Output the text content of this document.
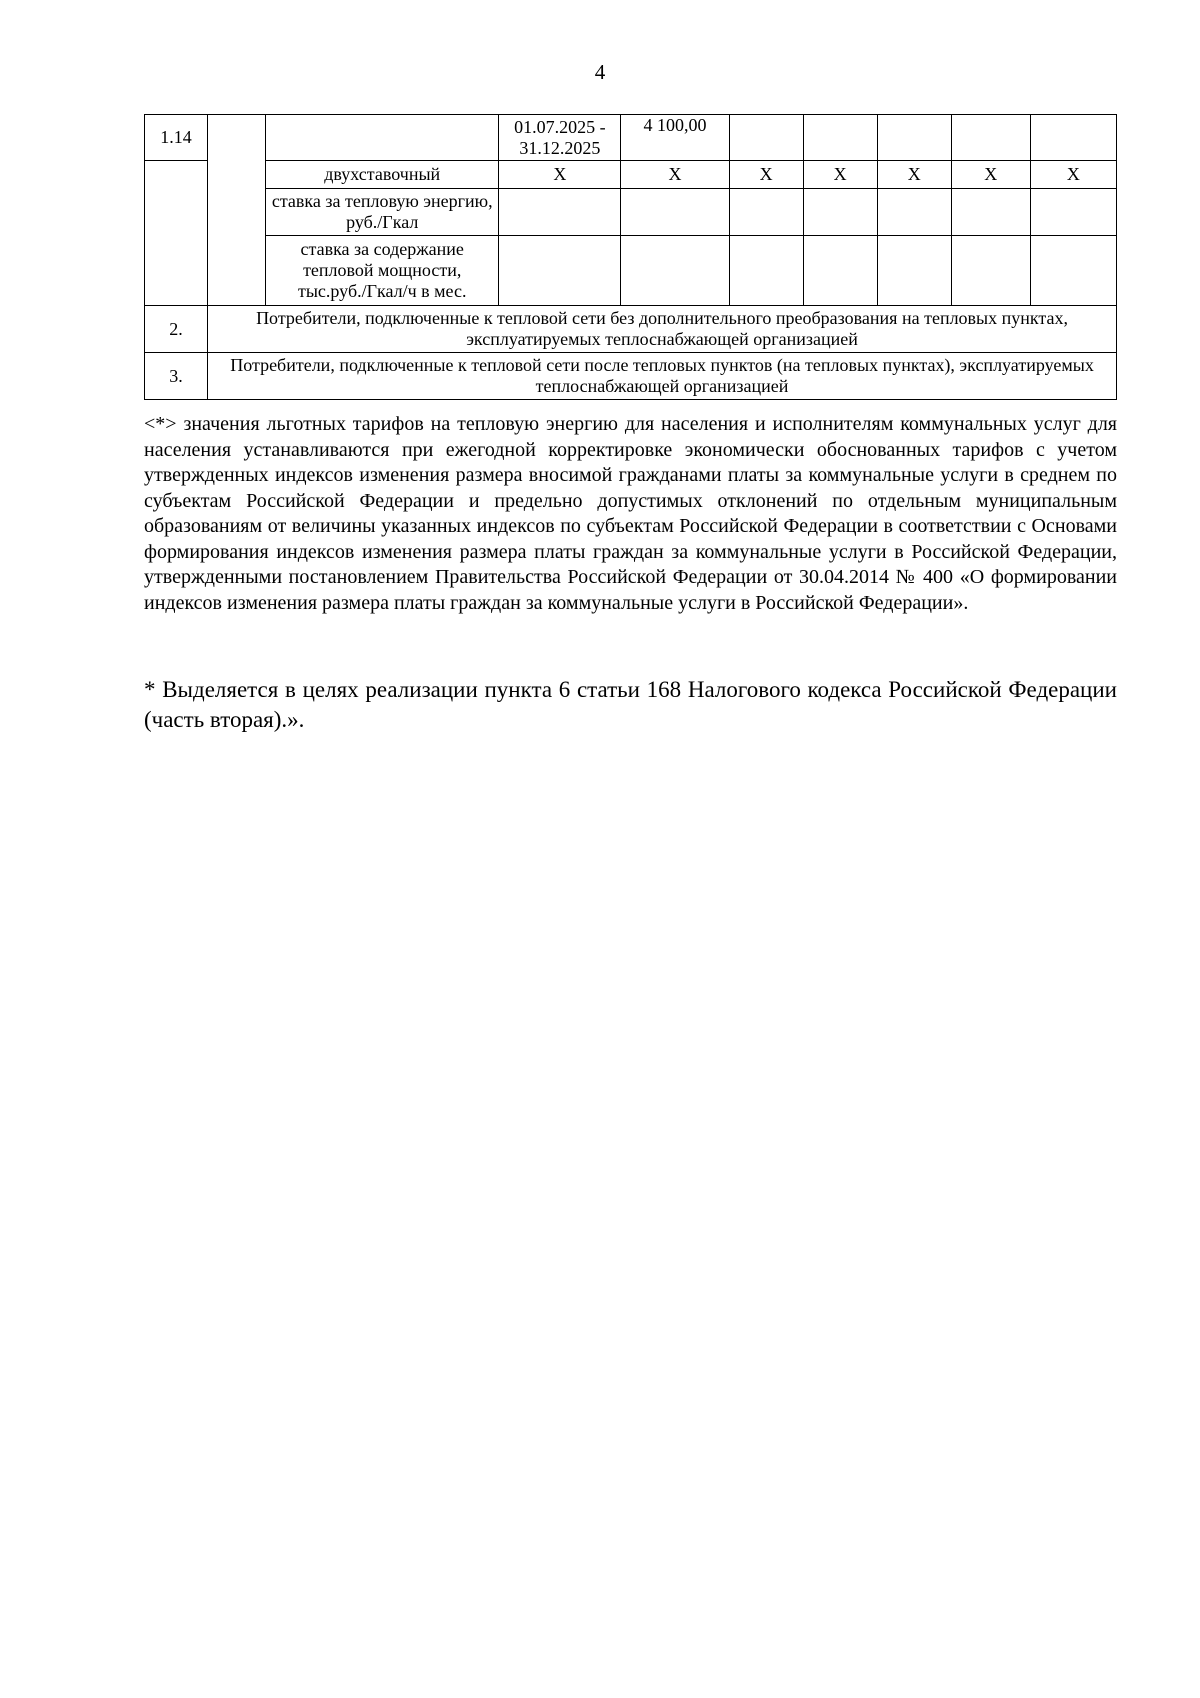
4
1.14			01.07.2025 - 31.12.2025	4 100,00					
		двухставочный	Х	Х	Х	Х	Х	Х	Х
		ставка за тепловую энергию, руб./Гкал							
		ставка за содержание тепловой мощности, тыс.руб./Гкал/ч в мес.							
2.	Потребители, подключенные к тепловой сети без дополнительного преобразования на тепловых пунктах, эксплуатируемых теплоснабжающей организацией								
3.	Потребители, подключенные к тепловой сети после тепловых пунктов (на тепловых пунктах), эксплуатируемых теплоснабжающей организацией								
<*> значения льготных тарифов на тепловую энергию для населения и исполнителям коммунальных услуг для населения устанавливаются при ежегодной корректировке экономически обоснованных тарифов с учетом утвержденных индексов изменения размера вносимой гражданами платы за коммунальные услуги в среднем по субъектам Российской Федерации и предельно допустимых отклонений по отдельным муниципальным образованиям от величины указанных индексов по субъектам Российской Федерации в соответствии с Основами формирования индексов изменения размера платы граждан за коммунальные услуги в Российской Федерации, утвержденными постановлением Правительства Российской Федерации от 30.04.2014 № 400 «О формировании индексов изменения размера платы граждан за коммунальные услуги в Российской Федерации».
* Выделяется в целях реализации пункта 6 статьи 168 Налогового кодекса Российской Федерации (часть вторая).».
